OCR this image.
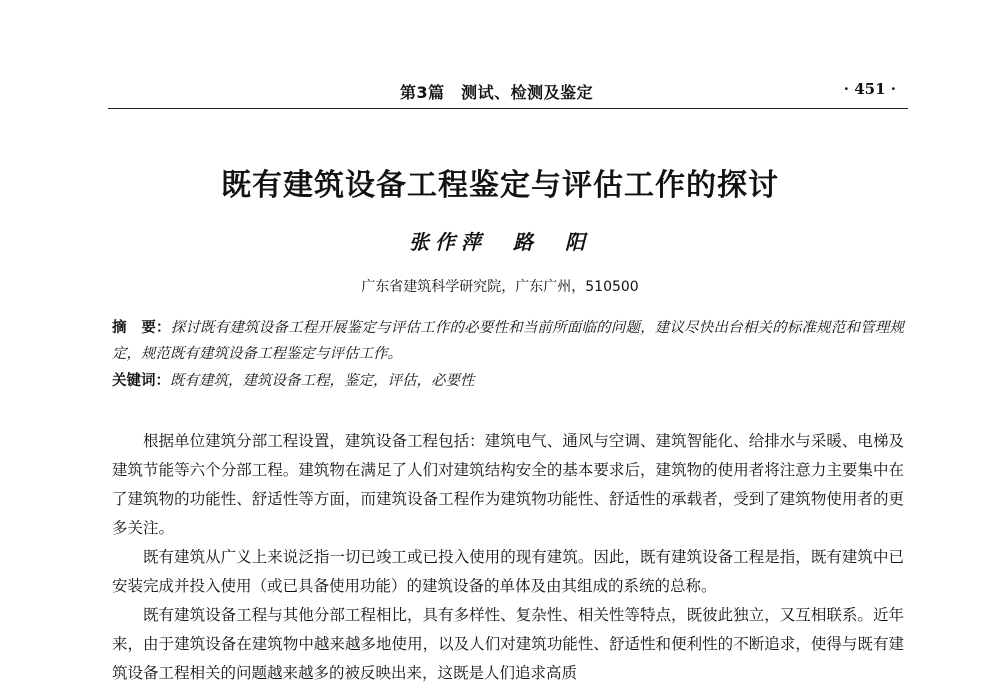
第3篇　测试、检测及鉴定	· 451 ·
既有建筑设备工程鉴定与评估工作的探讨
张作萍　路　阳
广东省建筑科学研究院，广东广州，510500
摘　要：探讨既有建筑设备工程开展鉴定与评估工作的必要性和当前所面临的问题，建议尽快出台相关的标准规范和管理规定，规范既有建筑设备工程鉴定与评估工作。
关键词：既有建筑，建筑设备工程，鉴定，评估，必要性

根据单位建筑分部工程设置，建筑设备工程包括：建筑电气、通风与空调、建筑智能化、给排水与采暖、电梯及建筑节能等六个分部工程。建筑物在满足了人们对建筑结构安全的基本要求后，建筑物的使用者将注意力主要集中在了建筑物的功能性、舒适性等方面，而建筑设备工程作为建筑物功能性、舒适性的承载者，受到了建筑物使用者的更多关注。

既有建筑从广义上来说泛指一切已竣工或已投入使用的现有建筑。因此，既有建筑设备工程是指，既有建筑中已安装完成并投入使用（或已具备使用功能）的建筑设备的单体及由其组成的系统的总称。

既有建筑设备工程与其他分部工程相比，具有多样性、复杂性、相关性等特点，既彼此独立，又互相联系。近年来，由于建筑设备在建筑物中越来越多地使用，以及人们对建筑功能性、舒适性和便利性的不断追求，使得与既有建筑设备工程相关的问题越来越多的被反映出来，这既是人们追求高质
